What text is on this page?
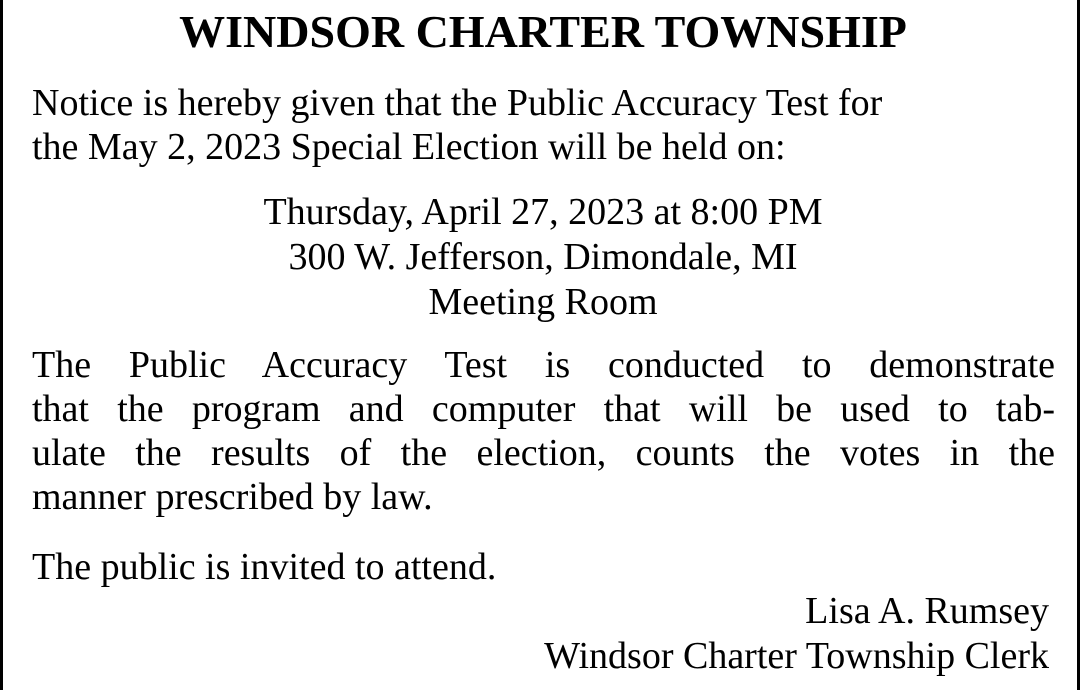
WINDSOR CHARTER TOWNSHIP
Notice is hereby given that the Public Accuracy Test for
the May 2, 2023 Special Election will be held on:
Thursday, April 27, 2023 at 8:00 PM
300 W. Jefferson, Dimondale, MI
Meeting Room
The Public Accuracy Test is conducted to demonstrate
that the program and computer that will be used to tab-
ulate the results of the election, counts the votes in the
manner prescribed by law.
The public is invited to attend.
Lisa A. Rumsey
Windsor Charter Township Clerk
